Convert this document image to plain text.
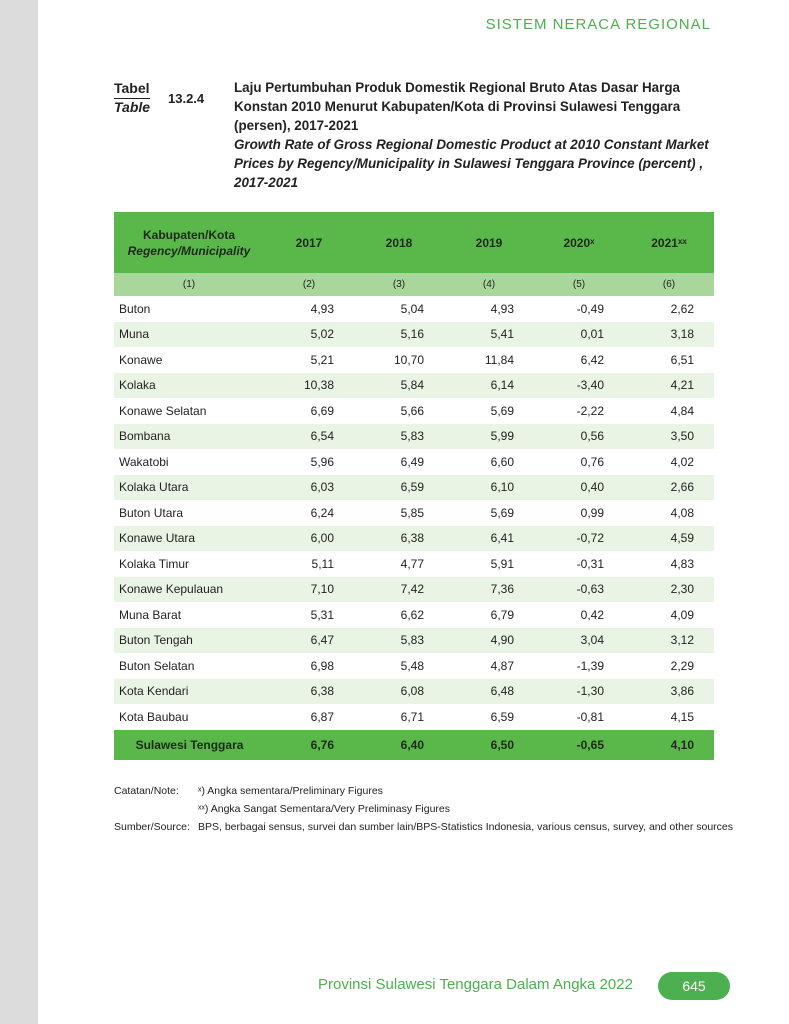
SISTEM NERACA REGIONAL
Tabel
Table
13.2.4
Laju Pertumbuhan Produk Domestik Regional Bruto Atas Dasar Harga Konstan 2010 Menurut Kabupaten/Kota di Provinsi Sulawesi Tenggara (persen), 2017-2021
Growth Rate of Gross Regional Domestic Product at 2010 Constant Market Prices by Regency/Municipality in Sulawesi Tenggara Province (percent) , 2017-2021
Kabupaten/Kota
Regency/Municipality	2017	2018	2019	2020ˣ	2021ˣˣ
(1)	(2)	(3)	(4)	(5)	(6)
Buton	4,93	5,04	4,93	-0,49	2,62
Muna	5,02	5,16	5,41	0,01	3,18
Konawe	5,21	10,70	11,84	6,42	6,51
Kolaka	10,38	5,84	6,14	-3,40	4,21
Konawe Selatan	6,69	5,66	5,69	-2,22	4,84
Bombana	6,54	5,83	5,99	0,56	3,50
Wakatobi	5,96	6,49	6,60	0,76	4,02
Kolaka Utara	6,03	6,59	6,10	0,40	2,66
Buton Utara	6,24	5,85	5,69	0,99	4,08
Konawe Utara	6,00	6,38	6,41	-0,72	4,59
Kolaka Timur	5,11	4,77	5,91	-0,31	4,83
Konawe Kepulauan	7,10	7,42	7,36	-0,63	2,30
Muna Barat	5,31	6,62	6,79	0,42	4,09
Buton Tengah	6,47	5,83	4,90	3,04	3,12
Buton Selatan	6,98	5,48	4,87	-1,39	2,29
Kota Kendari	6,38	6,08	6,48	-1,30	3,86
Kota Baubau	6,87	6,71	6,59	-0,81	4,15
Sulawesi Tenggara	6,76	6,40	6,50	-0,65	4,10
Catatan/Note:	ˣ) Angka sementara/Preliminary Figures
ˣˣ) Angka Sangat Sementara/Very Preliminasy Figures
Sumber/Source: BPS, berbagai sensus, survei dan sumber lain/BPS-Statistics Indonesia, various census, survey, and other sources
Provinsi Sulawesi Tenggara Dalam Angka 2022	645
